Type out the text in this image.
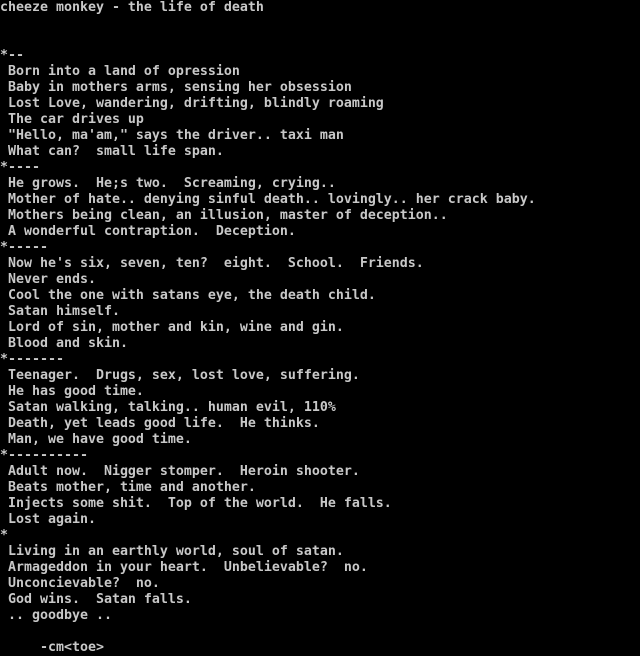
cheeze monkey - the life of death
*--
Born into a land of opression
Baby in mothers arms, sensing her obsession
Lost Love, wandering, drifting, blindly roaming
The car drives up
"Hello, ma'am," says the driver.. taxi man
What can?  small life span.
*----
He grows.  He;s two.  Screaming, crying..
Mother of hate.. denying sinful death.. lovingly.. her crack baby.
Mothers being clean, an illusion, master of deception..
A wonderful contraption.  Deception.
*-----
Now he's six, seven, ten?  eight.  School.  Friends.
Never ends.
Cool the one with satans eye, the death child.
Satan himself.
Lord of sin, mother and kin, wine and gin.
Blood and skin.
*-------
Teenager.  Drugs, sex, lost love, suffering.
He has good time.
Satan walking, talking.. human evil, 110%
Death, yet leads good life.  He thinks.
Man, we have good time.
*----------
Adult now.  Nigger stomper.  Heroin shooter.
Beats mother, time and another.
Injects some shit.  Top of the world.  He falls.
Lost again.
*
Living in an earthly world, soul of satan.
Armageddon in your heart.  Unbelievable?  no.
Unconcievable?  no.
God wins.  Satan falls.
.. goodbye ..
-cm<toe>
